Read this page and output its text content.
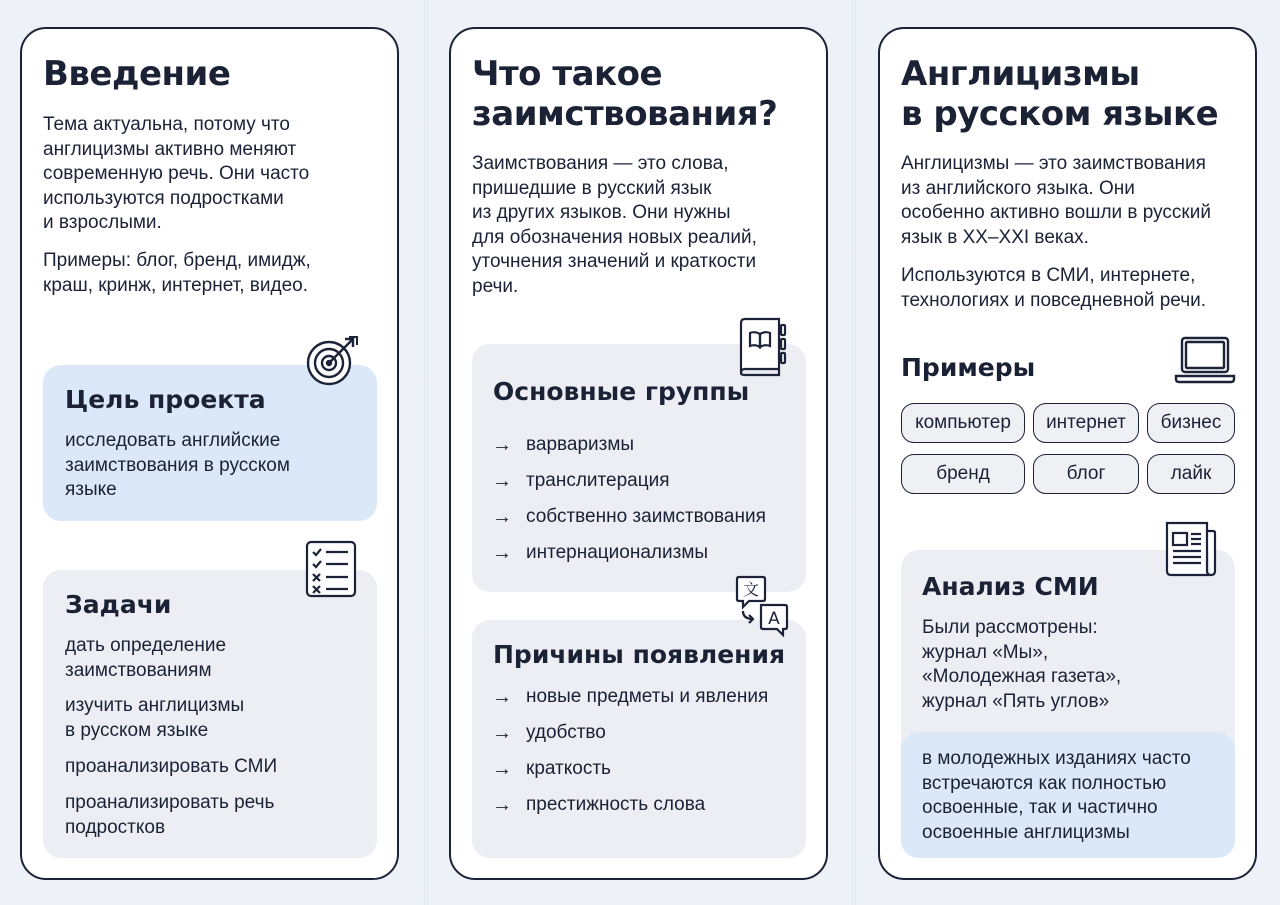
Введение
Тема актуальна, потому что
англицизмы активно меняют
современную речь. Они часто
используются подростками
и взрослыми.
Примеры: блог, бренд, имидж,
краш, кринж, интернет, видео.
Цель проекта
исследовать английские
заимствования в русском
языке
Задачи
дать определение
заимствованиям
изучить англицизмы
в русском языке
проанализировать СМИ
проанализировать речь
подростков
Что такое
заимствования?
Заимствования — это слова,
пришедшие в русский язык
из других языков. Они нужны
для обозначения новых реалий,
уточнения значений и краткости
речи.
Основные группы
→ варваризмы
→ транслитерация
→ собственно заимствования
→ интернационализмы
Причины появления
→ новые предметы и явления
→ удобство
→ краткость
→ престижность слова
文
A
Англицизмы
в русском языке
Англицизмы — это заимствования
из английского языка. Они
особенно активно вошли в русский
язык в XX–XXI веках.
Используются в СМИ, интернете,
технологиях и повседневной речи.
Примеры
компьютер	интернет	бизнес
бренд	блог	лайк
Анализ СМИ
Были рассмотрены:
журнал «Мы»,
«Молодежная газета»,
журнал «Пять углов»
в молодежных изданиях часто
встречаются как полностью
освоенные, так и частично
освоенные англицизмы
